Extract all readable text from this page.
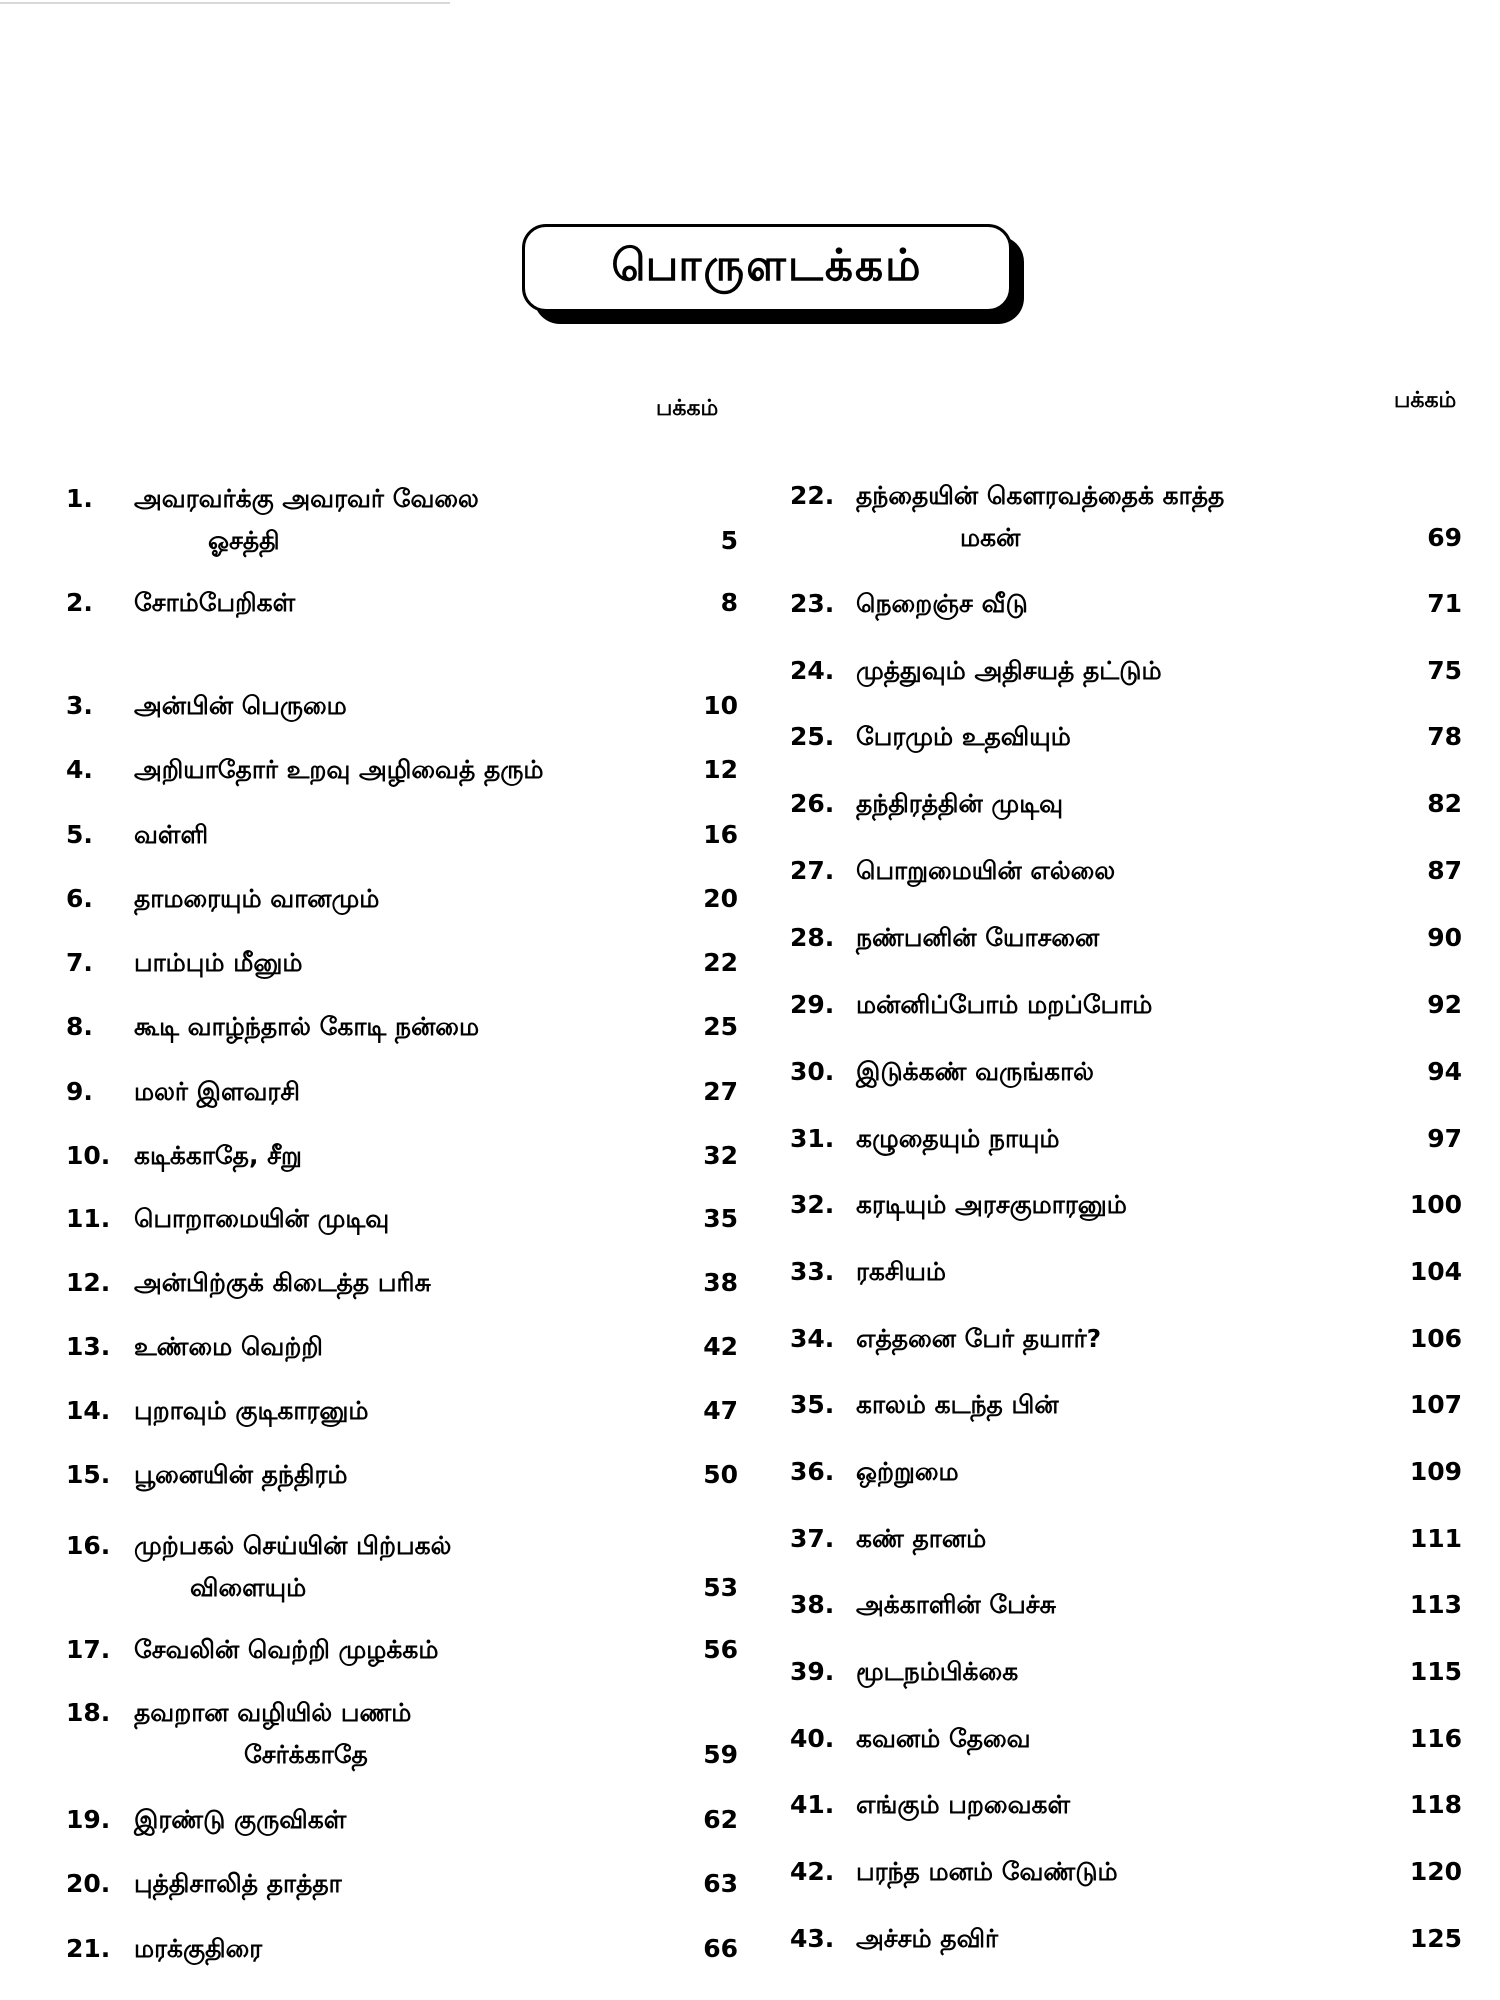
பொருளடக்கம்
பக்கம்	பக்கம்
1. அவரவர்க்கு அவரவர் வேலை
ஓசத்தி	5
2. சோம்பேறிகள்	8
3. அன்பின் பெருமை	10
4. அறியாதோர் உறவு அழிவைத் தரும்	12
5. வள்ளி	16
6. தாமரையும் வானமும்	20
7. பாம்பும் மீனும்	22
8. கூடி வாழ்ந்தால் கோடி நன்மை	25
9. மலர் இளவரசி	27
10. கடிக்காதே, சீறு	32
11. பொறாமையின் முடிவு	35
12. அன்பிற்குக் கிடைத்த பரிசு	38
13. உண்மை வெற்றி	42
14. புறாவும் குடிகாரனும்	47
15. பூனையின் தந்திரம்	50
16. முற்பகல் செய்யின் பிற்பகல்
விளையும்	53
17. சேவலின் வெற்றி முழக்கம்	56
18. தவறான வழியில் பணம்
சேர்க்காதே	59
19. இரண்டு குருவிகள்	62
20. புத்திசாலித் தாத்தா	63
21. மரக்குதிரை	66
22. தந்தையின் கௌரவத்தைக் காத்த
மகன்	69
23. நெறைஞ்ச வீடு	71
24. முத்துவும் அதிசயத் தட்டும்	75
25. பேரமும் உதவியும்	78
26. தந்திரத்தின் முடிவு	82
27. பொறுமையின் எல்லை	87
28. நண்பனின் யோசனை	90
29. மன்னிப்போம் மறப்போம்	92
30. இடுக்கண் வருங்கால்	94
31. கழுதையும் நாயும்	97
32. கரடியும் அரசகுமாரனும்	100
33. ரகசியம்	104
34. எத்தனை பேர் தயார்?	106
35. காலம் கடந்த பின்	107
36. ஒற்றுமை	109
37. கண் தானம்	111
38. அக்காளின் பேச்சு	113
39. மூடநம்பிக்கை	115
40. கவனம் தேவை	116
41. எங்கும் பறவைகள்	118
42. பரந்த மனம் வேண்டும்	120
43. அச்சம் தவிர்	125
